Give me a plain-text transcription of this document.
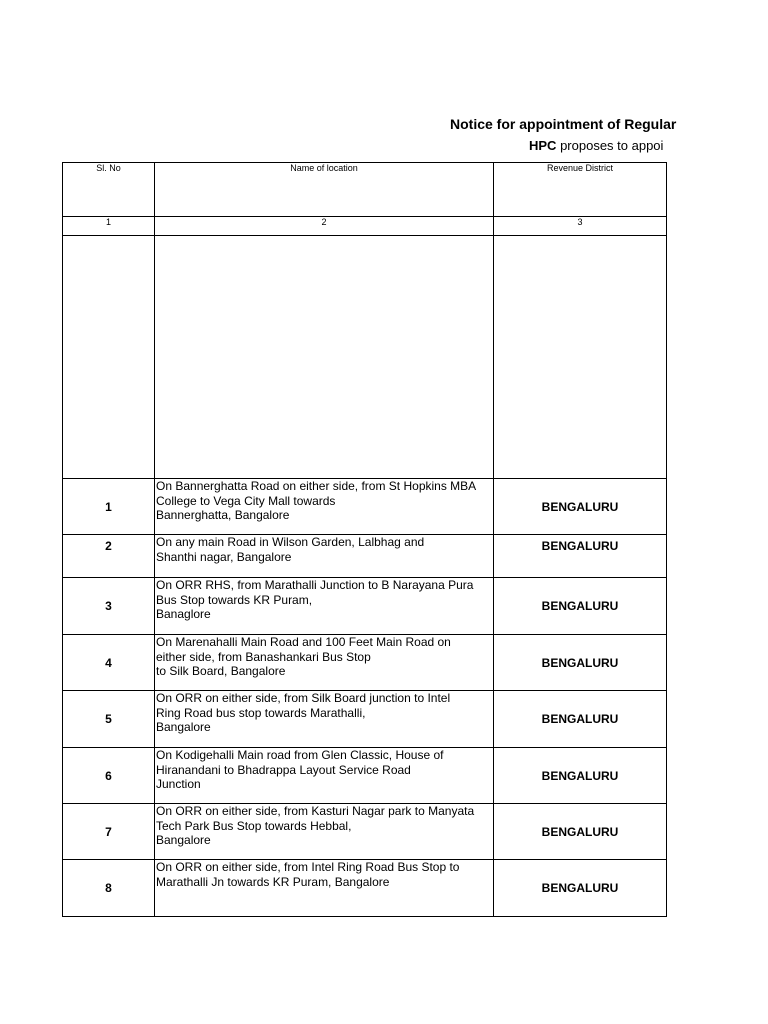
Notice for appointment of Regular
HPC proposes to appoi
Sl. No	Name of location	Revenue District
1	2	3

1	On Bannerghatta Road on either side, from St Hopkins MBA
College to Vega City Mall towards
Bannerghatta, Bangalore	BENGALURU
2	On any main Road in Wilson Garden, Lalbhag and
Shanthi nagar, Bangalore	BENGALURU
3	On ORR RHS, from Marathalli Junction to B Narayana Pura
Bus Stop towards KR Puram,
Banaglore	BENGALURU
4	On Marenahalli Main Road and 100 Feet Main Road on
either side, from Banashankari Bus Stop
to Silk Board, Bangalore	BENGALURU
5	On ORR on either side, from Silk Board junction to Intel
Ring Road bus stop towards Marathalli,
Bangalore	BENGALURU
6	On Kodigehalli Main road from Glen Classic, House of
Hiranandani to Bhadrappa Layout Service Road
Junction	BENGALURU
7	On ORR on either side, from Kasturi Nagar park to Manyata
Tech Park Bus Stop towards Hebbal,
Bangalore	BENGALURU
8	On ORR on either side, from Intel Ring Road Bus Stop to
Marathalli Jn towards KR Puram, Bangalore	BENGALURU
